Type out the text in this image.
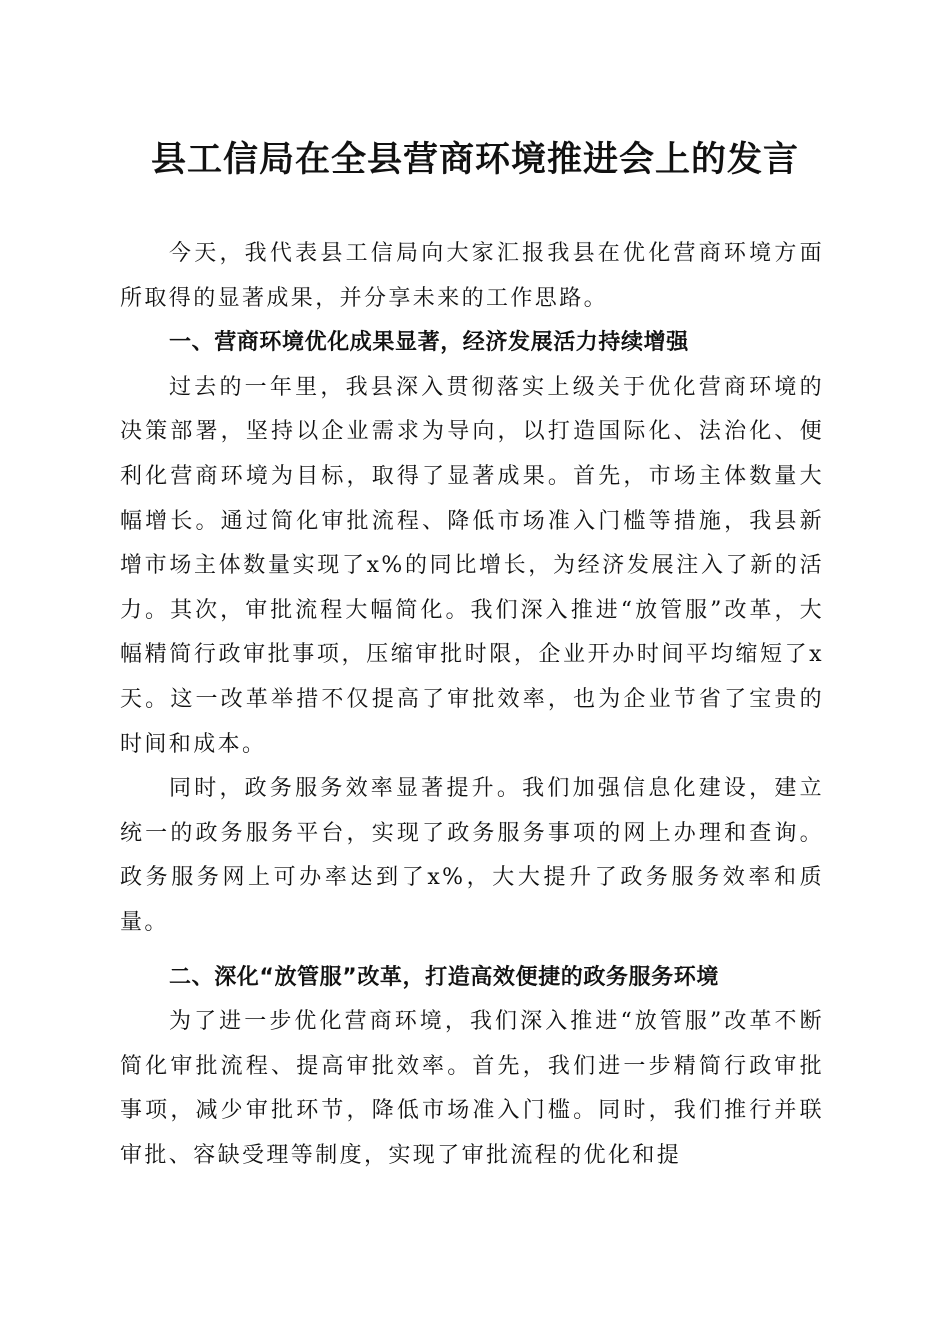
县工信局在全县营商环境推进会上的发言

今天，我代表县工信局向大家汇报我县在优化营商环境方面所取得的显著成果，并分享未来的工作思路。

一、营商环境优化成果显著，经济发展活力持续增强

过去的一年里，我县深入贯彻落实上级关于优化营商环境的决策部署，坚持以企业需求为导向，以打造国际化、法治化、便利化营商环境为目标，取得了显著成果。首先，市场主体数量大幅增长。通过简化审批流程、降低市场准入门槛等措施，我县新增市场主体数量实现了x%的同比增长，为经济发展注入了新的活力。其次，审批流程大幅简化。我们深入推进“放管服”改革，大幅精简行政审批事项，压缩审批时限，企业开办时间平均缩短了x天。这一改革举措不仅提高了审批效率，也为企业节省了宝贵的时间和成本。

同时，政务服务效率显著提升。我们加强信息化建设，建立统一的政务服务平台，实现了政务服务事项的网上办理和查询。政务服务网上可办率达到了x%，大大提升了政务服务效率和质量。

二、深化“放管服”改革，打造高效便捷的政务服务环境

为了进一步优化营商环境，我们深入推进“放管服”改革不断简化审批流程、提高审批效率。首先，我们进一步精简行政审批事项，减少审批环节，降低市场准入门槛。同时，我们推行并联审批、容缺受理等制度，实现了审批流程的优化和提
